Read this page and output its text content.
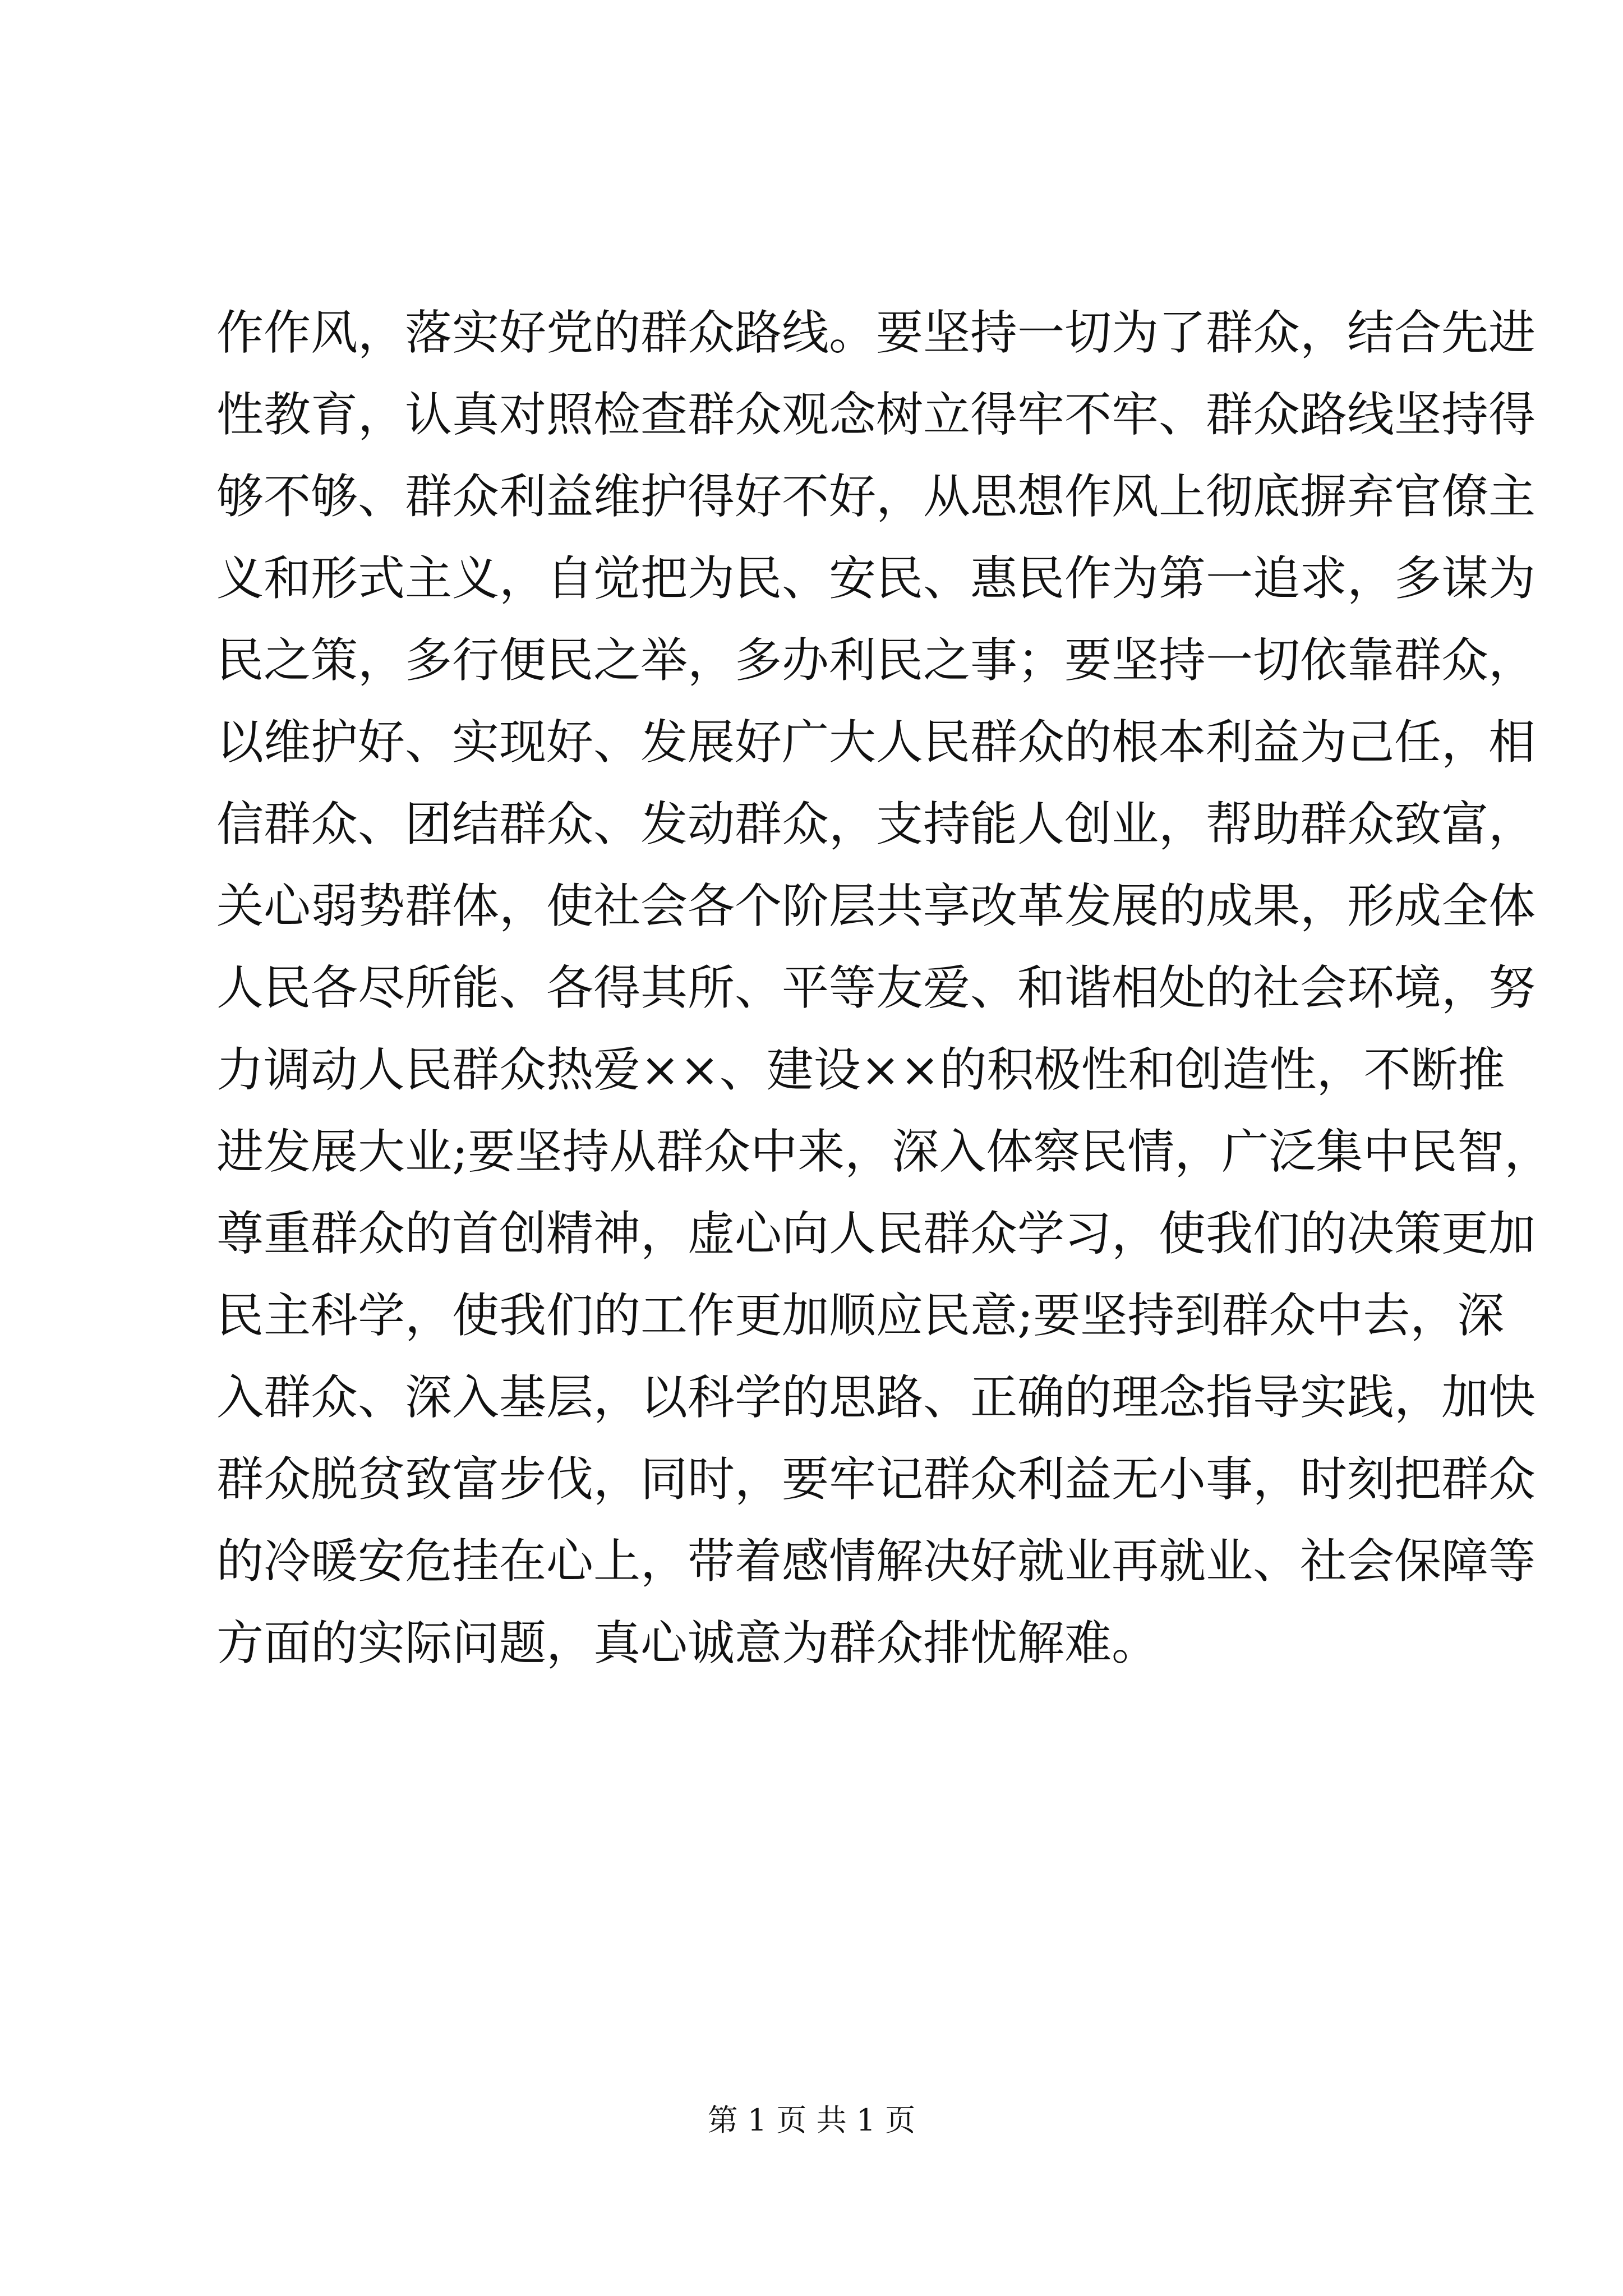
作作风，落实好党的群众路线。要坚持一切为了群众，结合先进
性教育，认真对照检查群众观念树立得牢不牢、群众路线坚持得
够不够、群众利益维护得好不好，从思想作风上彻底摒弃官僚主
义和形式主义，自觉把为民、安民、惠民作为第一追求，多谋为
民之策，多行便民之举，多办利民之事；要坚持一切依靠群众，
以维护好、实现好、发展好广大人民群众的根本利益为己任，相
信群众、团结群众、发动群众，支持能人创业，帮助群众致富，
关心弱势群体，使社会各个阶层共享改革发展的成果，形成全体
人民各尽所能、各得其所、平等友爱、和谐相处的社会环境，努
力调动人民群众热爱××、建设××的积极性和创造性，不断推
进发展大业;要坚持从群众中来，深入体察民情，广泛集中民智，
尊重群众的首创精神，虚心向人民群众学习，使我们的决策更加
民主科学，使我们的工作更加顺应民意;要坚持到群众中去，深
入群众、深入基层，以科学的思路、正确的理念指导实践，加快
群众脱贫致富步伐，同时，要牢记群众利益无小事，时刻把群众
的冷暖安危挂在心上，带着感情解决好就业再就业、社会保障等
方面的实际问题，真心诚意为群众排忧解难。
第 1 页 共 1 页
